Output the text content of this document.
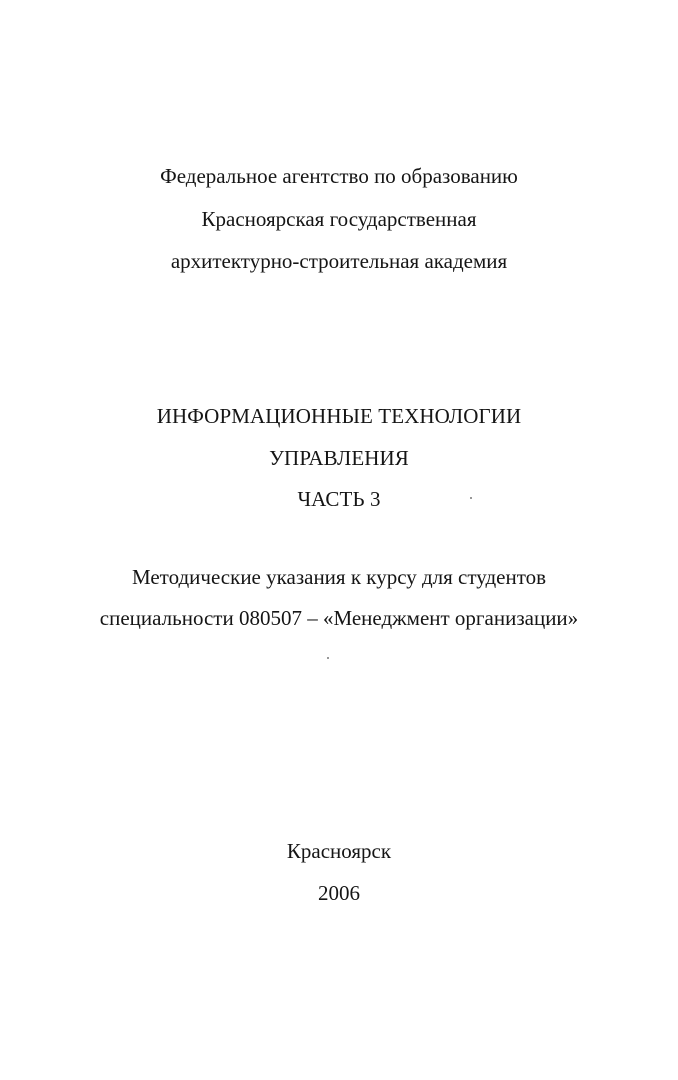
Федеральное агентство по образованию
Красноярская государственная
архитектурно-строительная академия
ИНФОРМАЦИОННЫЕ ТЕХНОЛОГИИ
УПРАВЛЕНИЯ
ЧАСТЬ 3
Методические указания к курсу для студентов
специальности 080507 – «Менеджмент организации»
Красноярск
2006
